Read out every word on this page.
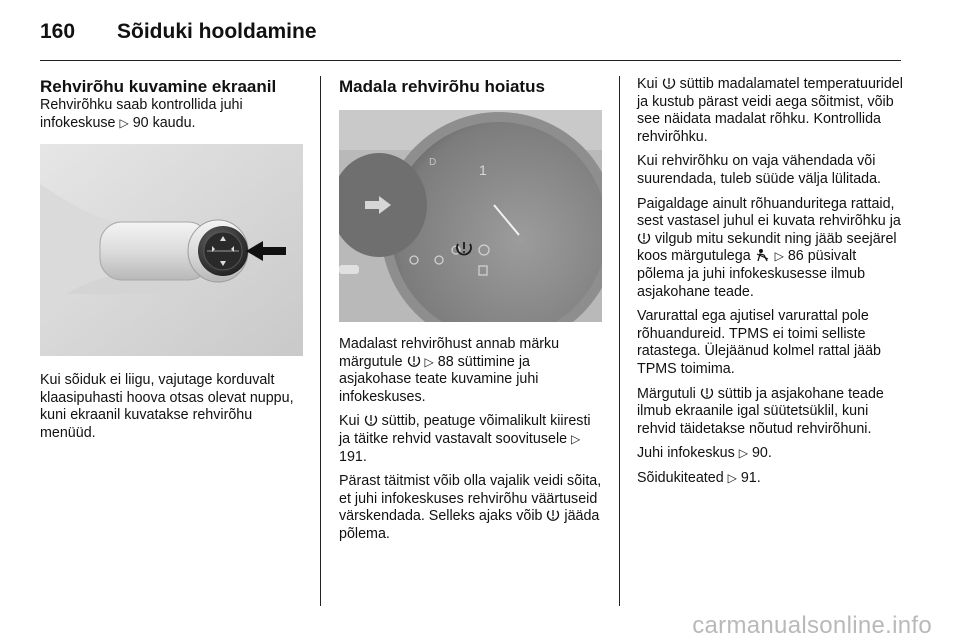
160 Sõiduki hooldamine
Rehvirõhu kuvamine ekraanil

Rehvirõhku saab kontrollida juhi infokeskuse ▷ 90 kaudu.

Kui sõiduk ei liigu, vajutage korduvalt klaasipuhasti hoova otsas olevat nuppu, kuni ekraanil kuvatakse rehvirõhu menüüd.

Madala rehvirõhu hoiatus
1
D

Madalast rehvirõhust annab märku märgutule  ▷ 88 süttimine ja asjakohase teate kuvamine juhi infokeskuses.

Kui  süttib, peatuge võimalikult kiiresti ja täitke rehvid vastavalt soovitusele ▷ 191.

Pärast täitmist võib olla vajalik veidi sõita, et juhi infokeskuses rehvirõhu väärtuseid värskendada. Selleks ajaks võib  jääda põlema.

Kui  süttib madalamatel temperatuuridel ja kustub pärast veidi aega sõitmist, võib see näidata madalat rõhku. Kontrollida rehvirõhku.

Kui rehvirõhku on vaja vähendada või suurendada, tuleb süüde välja lülitada.

Paigaldage ainult rõhuanduritega rattaid, sest vastasel juhul ei kuvata rehvirõhku ja  vilgub mitu sekundit ning jääb seejärel koos märgutulega  ▷ 86 püsivalt põlema ja juhi infokeskusesse ilmub asjakohane teade.

Varurattal ega ajutisel varurattal pole rõhuandureid. TPMS ei toimi selliste ratastega. Ülejäänud kolmel rattal jääb TPMS toimima.

Märgutuli  süttib ja asjakohane teade ilmub ekraanile igal süütetsüklil, kuni rehvid täidetakse nõutud rehvirõhuni.

Juhi infokeskus ▷ 90.

Sõidukiteated ▷ 91.

carmanualsonline.info
